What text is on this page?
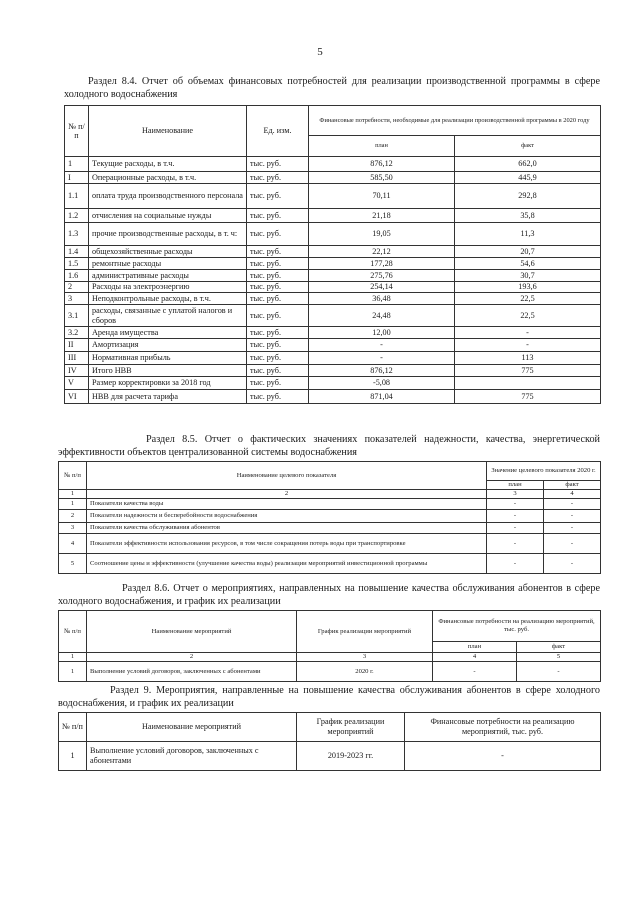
5
Раздел 8.4. Отчет об объемах финансовых потребностей для реализации производственной программы в сфере холодного водоснабжения
№ п/п	Наименование	Ед. изм.	Финансовые потребности, необходимые для реализации производственной программы в 2020 году	
			план	факт
1	Текущие расходы, в т.ч.	тыс. руб.	876,12	662,0
I	Операционные расходы, в т.ч.	тыс. руб.	585,50	445,9
1.1	оплата труда производственного персонала	тыс. руб.	70,11	292,8
1.2	отчисления на социальные нужды	тыс. руб.	21,18	35,8
1.3	прочие производственные расходы, в т. ч:	тыс. руб.	19,05	11,3
1.4	общехозяйственные расходы	тыс. руб.	22,12	20,7
1.5	ремонтные расходы	тыс. руб.	177,28	54,6
1.6	административные расходы	тыс. руб.	275,76	30,7
2	Расходы на электроэнергию	тыс. руб.	254,14	193,6
3	Неподконтрольные расходы, в т.ч.	тыс. руб.	36,48	22,5
3.1	расходы, связанные с уплатой налогов и сборов	тыс. руб.	24,48	22,5
3.2	Аренда имущества	тыс. руб.	12,00	-
II	Амортизация	тыс. руб.	-	-
III	Нормативная прибыль	тыс. руб.	-	113
IV	Итого НВВ	тыс. руб.	876,12	775
V	Размер корректировки за 2018 год	тыс. руб.	-5,08	
VI	НВВ для расчета тарифа	тыс. руб.	871,04	775
Раздел 8.5. Отчет о фактических значениях показателей надежности, качества, энергетической эффективности объектов централизованной системы водоснабжения
№ п/п	Наименование целевого показателя	Значение целевого показателя 2020 г.	
		план	факт
1	2	3	4
1	Показатели качества воды	-	-
2	Показатели надежности и бесперебойности водоснабжения	-	-
3	Показатели качества обслуживания абонентов	-	-
4	Показатели эффективности использования ресурсов, в том числе сокращения потерь воды при транспортировке	-	-
5	Соотношение цены и эффективности (улучшение качества воды) реализации мероприятий инвестиционной программы	-	-
Раздел 8.6. Отчет о мероприятиях, направленных на повышение качества обслуживания абонентов в сфере холодного водоснабжения, и график их реализации
№ п/п	Наименование мероприятий	График реализации мероприятий	Финансовые потребности на реализацию мероприятий, тыс. руб.	
			план	факт
1	2	3	4	5
1	Выполнение условий договоров, заключенных с абонентами	2020 г.	-	-
Раздел 9. Мероприятия, направленные на повышение качества обслуживания абонентов в сфере холодного водоснабжения, и график их реализации
№ п/п	Наименование мероприятий	График реализации мероприятий	Финансовые потребности на реализацию мероприятий, тыс. руб.
1	Выполнение условий договоров, заключенных с абонентами	2019-2023 гг.	-
